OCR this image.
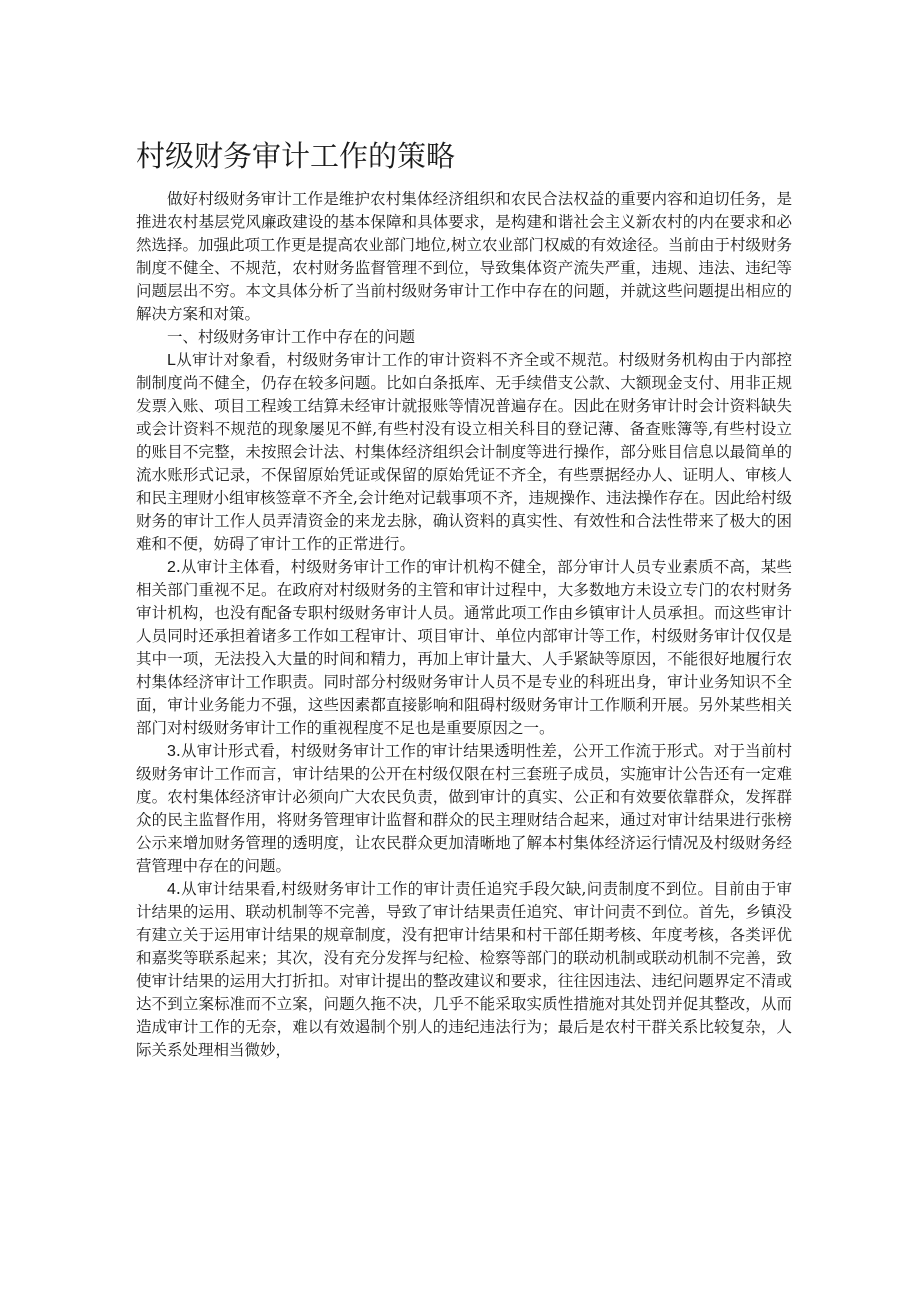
村级财务审计工作的策略

做好村级财务审计工作是维护农村集体经济组织和农民合法权益的重要内容和迫切任务，是推进农村基层党风廉政建设的基本保障和具体要求，是构建和谐社会主义新农村的内在要求和必然选择。加强此项工作更是提高农业部门地位,树立农业部门权威的有效途径。当前由于村级财务制度不健全、不规范，农村财务监督管理不到位，导致集体资产流失严重，违规、违法、违纪等问题层出不穷。本文具体分析了当前村级财务审计工作中存在的问题，并就这些问题提出相应的解决方案和对策。

一、村级财务审计工作中存在的问题

L从审计对象看，村级财务审计工作的审计资料不齐全或不规范。村级财务机构由于内部控制制度尚不健全，仍存在较多问题。比如白条抵库、无手续借支公款、大额现金支付、用非正规发票入账、项目工程竣工结算未经审计就报账等情况普遍存在。因此在财务审计时会计资料缺失或会计资料不规范的现象屡见不鲜,有些村没有设立相关科目的登记薄、备查账簿等,有些村设立的账目不完整，未按照会计法、村集体经济组织会计制度等进行操作，部分账目信息以最简单的流水账形式记录，不保留原始凭证或保留的原始凭证不齐全，有些票据经办人、证明人、审核人和民主理财小组审核签章不齐全,会计绝对记载事项不齐，违规操作、违法操作存在。因此给村级财务的审计工作人员弄清资金的来龙去脉，确认资料的真实性、有效性和合法性带来了极大的困难和不便，妨碍了审计工作的正常进行。

2.从审计主体看，村级财务审计工作的审计机构不健全，部分审计人员专业素质不高，某些相关部门重视不足。在政府对村级财务的主管和审计过程中，大多数地方未设立专门的农村财务审计机构，也没有配备专职村级财务审计人员。通常此项工作由乡镇审计人员承担。而这些审计人员同时还承担着诸多工作如工程审计、项目审计、单位内部审计等工作，村级财务审计仅仅是其中一项，无法投入大量的时间和精力，再加上审计量大、人手紧缺等原因，不能很好地履行农村集体经济审计工作职责。同时部分村级财务审计人员不是专业的科班出身，审计业务知识不全面，审计业务能力不强，这些因素都直接影响和阻碍村级财务审计工作顺利开展。另外某些相关部门对村级财务审计工作的重视程度不足也是重要原因之一。

3.从审计形式看，村级财务审计工作的审计结果透明性差，公开工作流于形式。对于当前村级财务审计工作而言，审计结果的公开在村级仅限在村三套班子成员，实施审计公告还有一定难度。农村集体经济审计必须向广大农民负责，做到审计的真实、公正和有效要依靠群众，发挥群众的民主监督作用，将财务管理审计监督和群众的民主理财结合起来，通过对审计结果进行张榜公示来增加财务管理的透明度，让农民群众更加清晰地了解本村集体经济运行情况及村级财务经营管理中存在的问题。

4.从审计结果看,村级财务审计工作的审计责任追究手段欠缺,问责制度不到位。目前由于审计结果的运用、联动机制等不完善，导致了审计结果责任追究、审计问责不到位。首先，乡镇没有建立关于运用审计结果的规章制度，没有把审计结果和村干部任期考核、年度考核，各类评优和嘉奖等联系起来；其次，没有充分发挥与纪检、检察等部门的联动机制或联动机制不完善，致使审计结果的运用大打折扣。对审计提出的整改建议和要求，往往因违法、违纪问题界定不清或达不到立案标准而不立案，问题久拖不决，几乎不能采取实质性措施对其处罚并促其整改，从而造成审计工作的无奈，难以有效遏制个别人的违纪违法行为；最后是农村干群关系比较复杂，人际关系处理相当微妙，
